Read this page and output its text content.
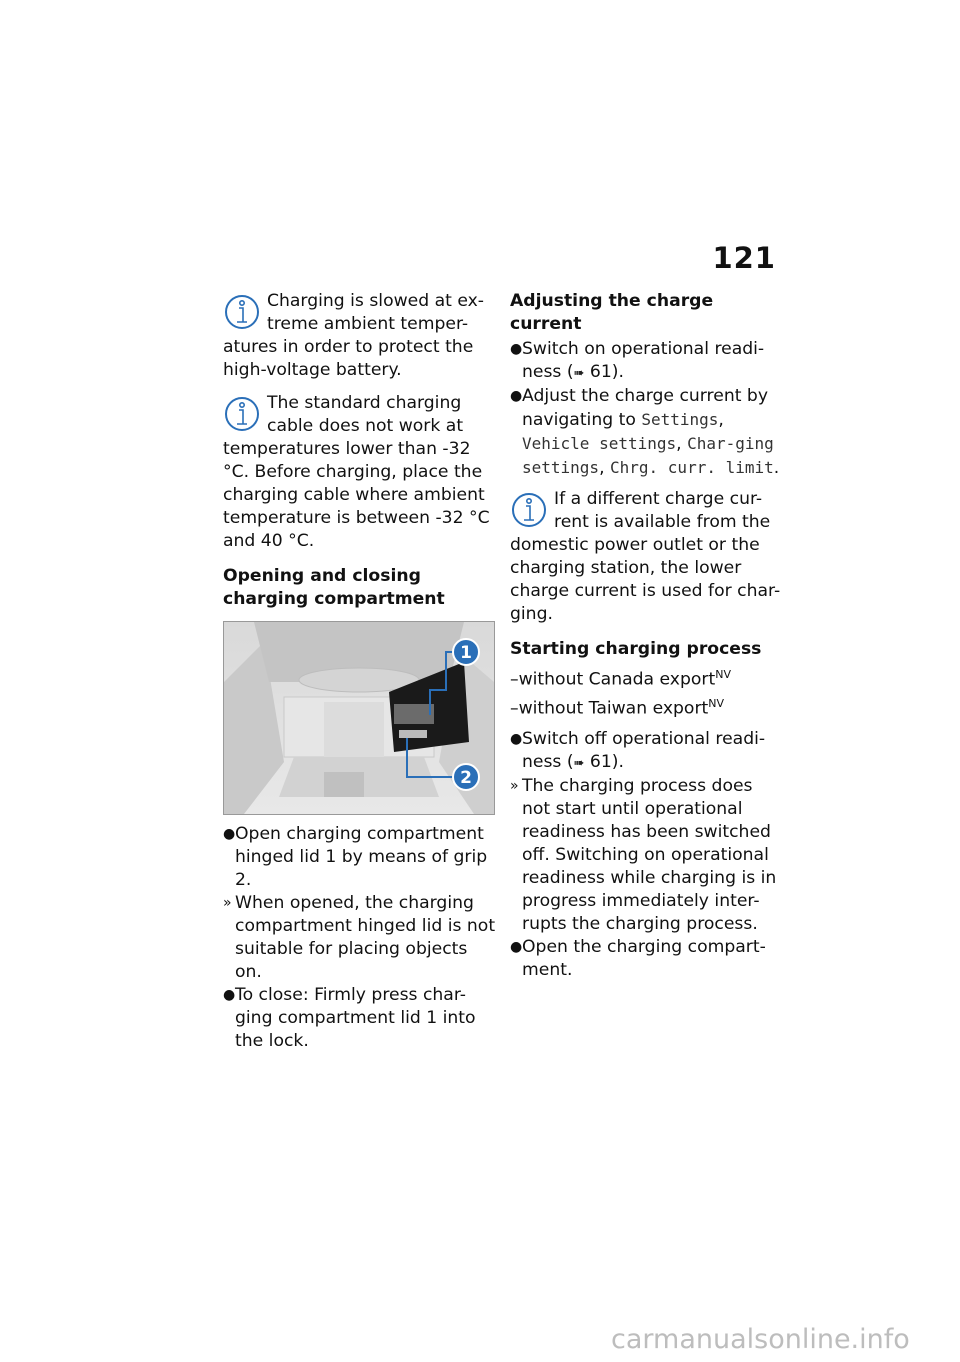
121

Charging is slowed at ex-treme ambient temper-atures in order to protect the high-voltage battery.

The standard charging cable does not work at temperatures lower than -32 °C. Before charging, place the charging cable where ambient temperature is between -32 °C and 40 °C.

Opening and closing charging compartment
1
2
● Open charging compartment hinged lid 1 by means of grip 2.
» When opened, the charging compartment hinged lid is not suitable for placing objects on.
● To close: Firmly press char-ging compartment lid 1 into the lock.
Adjusting the charge current
● Switch on operational readi-ness (➠ 61).
● Adjust the charge current by navigating to Settings, Vehicle settings, Char-ging settings, Chrg. curr. limit.

If a different charge cur-rent is available from the domestic power outlet or the charging station, the lower charge current is used for char-ging.

Starting charging process

–without Canada export$^{NV}$

–without Taiwan export$^{NV}$

● Switch off operational readi-ness (➠ 61).
» The charging process does not start until operational readiness has been switched off. Switching on operational readiness while charging is in progress immediately inter-rupts the charging process.
● Open the charging compart-ment.
carmanualsonline.info
